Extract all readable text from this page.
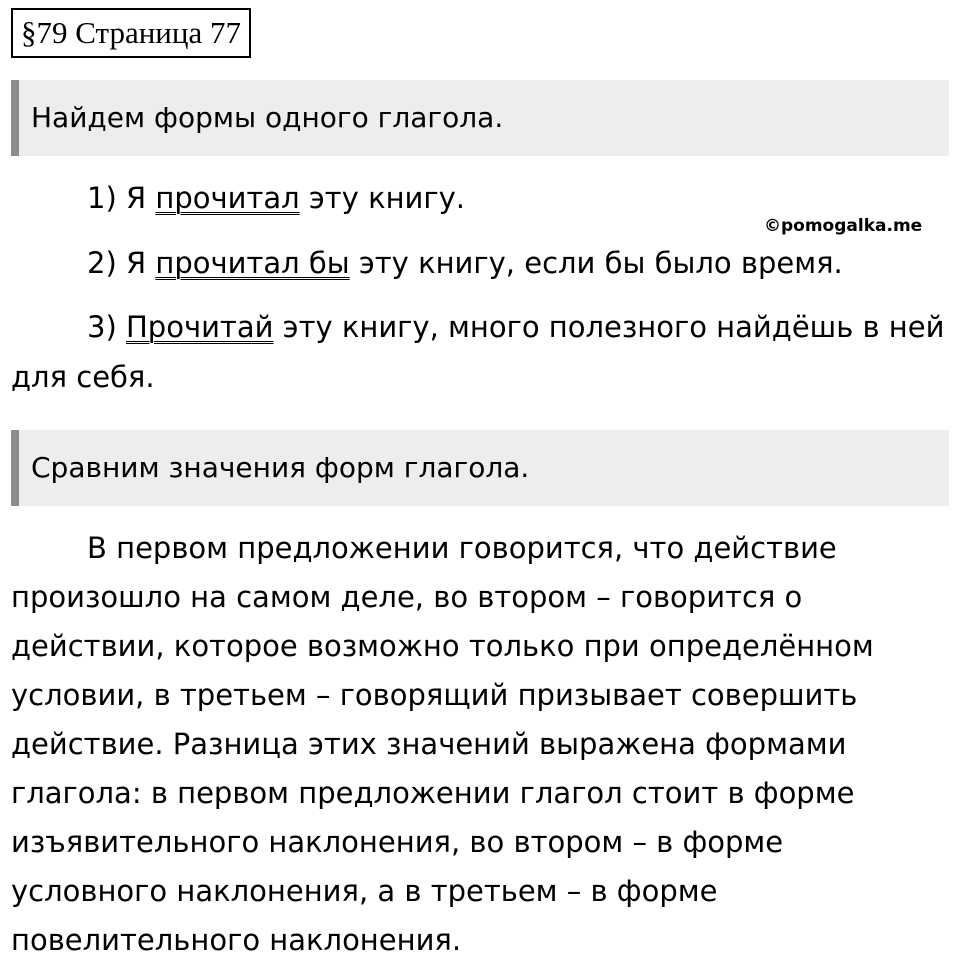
§79 Страница 77
Найдем формы одного глагола.
1) Я прочитал эту книгу.
©pomogalka.me
2) Я прочитал бы эту книгу, если бы было время.
3) Прочитай эту книгу, много полезного найдёшь в ней
для себя.
Сравним значения форм глагола.
В первом предложении говорится, что действие
произошло на самом деле, во втором – говорится о
действии, которое возможно только при определённом
условии, в третьем – говорящий призывает совершить
действие. Разница этих значений выражена формами
глагола: в первом предложении глагол стоит в форме
изъявительного наклонения, во втором – в форме
условного наклонения, а в третьем – в форме
повелительного наклонения.
